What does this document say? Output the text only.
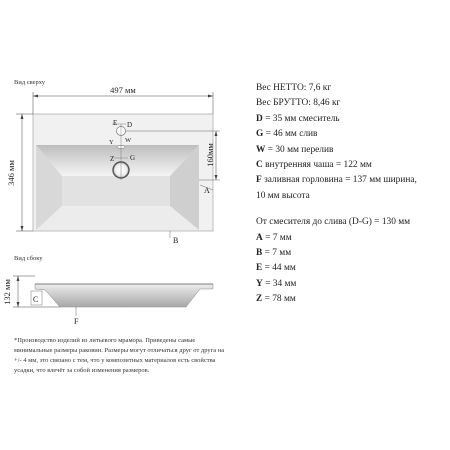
Вид сверху
Вид сбоку
497 мм
346 мм
160мм
132 мм
E D
Y W
Z G
A
B
C
F
Вес НЕТТО: 7,6 кг
Вес БРУТТО: 8,46 кг
D = 35 мм смеситель
G = 46 мм слив
W = 30 мм перелив
C внутренняя чаша = 122 мм
F заливная горловина = 137 мм ширина,
10 мм высота
От смесителя до слива (D-G) = 130 мм
A = 7 мм
B = 7 мм
E = 44 мм
Y = 34 мм
Z = 78 мм
*Производство изделий из литьевого мрамора. Приведены самые
минимальные размеры раковин. Размеры могут отличаться друг от друга на
+/- 4 мм, это связано с тем, что у композитных материалов есть свойства
усадки, что влечёт за собой изменения размеров.
